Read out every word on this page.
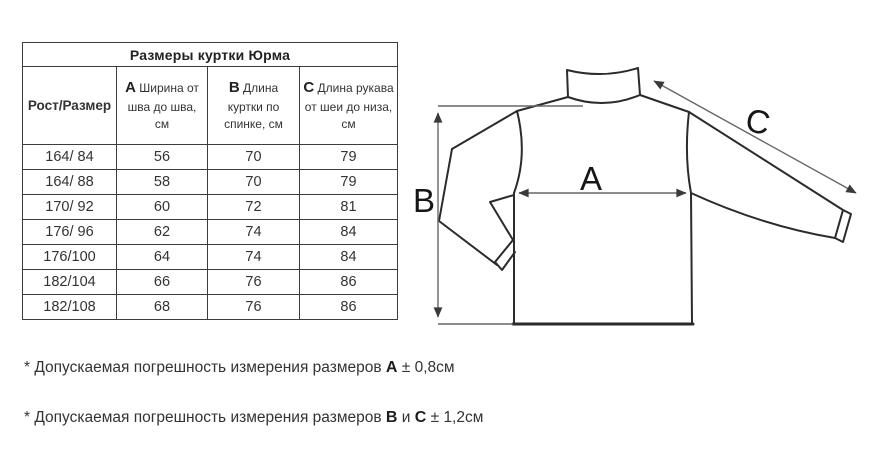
Размеры куртки Юрма			
Рост/Размер	А Ширина от шва до шва, см	В Длина куртки по спинке, см	С Длина рукава от шеи до низа, см
164/ 84	56	70	79
164/ 88	58	70	79
170/ 92	60	72	81
176/ 96	62	74	84
176/100	64	74	84
182/104	66	76	86
182/108	68	76	86
A
B
C
* Допускаемая погрешность измерения размеров А ± 0,8см
* Допускаемая погрешность измерения размеров В и С ± 1,2см
